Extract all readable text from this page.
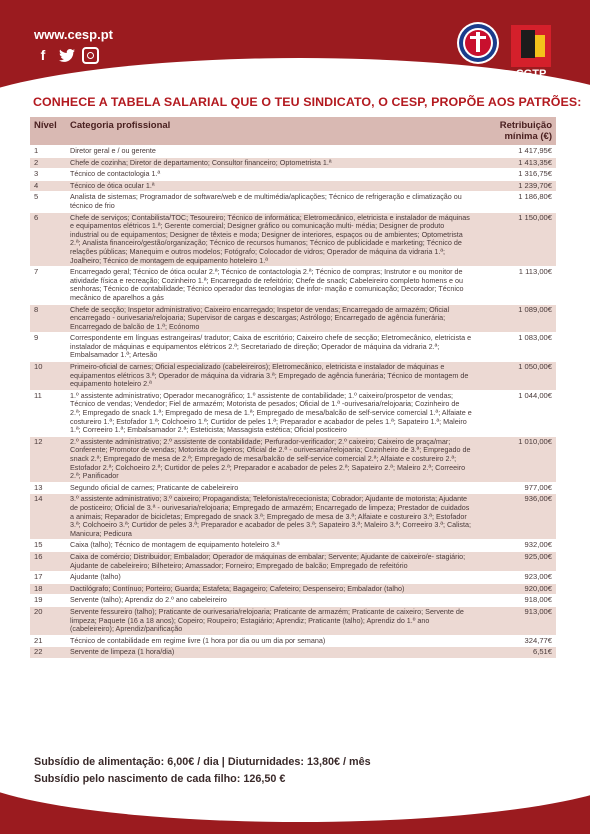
www.cesp.pt
f
CESP CGTP
INTERSINDICAL NACIONAL
CONHECE A TABELA SALARIAL QUE O TEU SINDICATO, O CESP, PROPÕE AOS PATRÕES:
Nível	Categoria profissional	Retribuição mínima (€)
1	Diretor geral e / ou gerente	1 417,95€
2	Chefe de cozinha; Diretor de departamento; Consultor financeiro; Optometrista 1.ª	1 413,35€
3	Técnico de contactologia 1.ª	1 316,75€
4	Técnico de ótica ocular 1.ª	1 239,70€
5	Analista de sistemas; Programador de software/web e de multimédia/aplicações; Técnico de refrigeração e climatização ou técnico de frio	1 186,80€
6	Chefe de serviços; Contabilista/TOC; Tesoureiro; Técnico de informática; Eletromecânico, eletricista e instalador de máquinas e equipamentos elétricos 1.ª; Gerente comercial; Designer gráfico ou comunicação multi- média; Designer de produto industrial ou de equipamentos; Designer de têxteis e moda; Designer de interiores, espaços ou de ambientes; Optometrista 2.ª; Analista financeiro/gestão/organização; Técnico de recursos humanos; Técnico de publicidade e marketing; Técnico de relações públicas; Manequim e outros modelos; Fotógrafo; Colocador de vidros; Operador de máquina da vidraria 1.ª; Joalheiro; Técnico de montagem de equipamento hoteleiro 1.ª	1 150,00€
7	Encarregado geral; Técnico de ótica ocular 2.ª; Técnico de contactologia 2.ª; Técnico de compras; Instrutor e ou monitor de atividade física e recreação; Cozinheiro 1.ª; Encarregado de refeitório; Chefe de snack; Cabeleireiro completo homens e ou senhoras; Técnico de contabilidade; Técnico operador das tecnologias de infor- mação e comunicação; Decorador; Técnico mecânico de aparelhos a gás	1 113,00€
8	Chefe de secção; Inspetor administrativo; Caixeiro encarregado; Inspetor de vendas; Encarregado de armazém; Oficial encarregado - ourivesaria/relojoaria; Supervisor de cargas e descargas; Astrólogo; Encarregado de agência funerária; Encarregado de balcão de 1.ª; Ecónomo	1 089,00€
9	Correspondente em línguas estrangeiras/ tradutor; Caixa de escritório; Caixeiro chefe de secção; Eletromecânico, eletricista e instalador de máquinas e equipamentos elétricos 2.ª; Secretariado de direção; Operador de máquina da vidraria 2.ª; Embalsamador 1.ª; Artesão	1 083,00€
10	Primeiro-oficial de carnes; Oficial especializado (cabeleireiros); Eletromecânico, eletricista e instalador de máquinas e equipamentos elétricos 3.ª; Operador de máquina da vidraria 3.ª; Empregado de agência funerária; Técnico de montagem de equipamento hoteleiro 2.ª	1 050,00€
11	1.º assistente administrativo; Operador mecanográfico; 1.º assistente de contabilidade; 1.º caixeiro/prospetor de vendas; Técnico de vendas; Vendedor; Fiel de armazém; Motorista de pesados; Oficial de 1.ª -ourivesaria/relojoaria; Cozinheiro de 2.ª; Empregado de snack 1.ª; Empregado de mesa de 1.ª; Empregado de mesa/balcão de self-service comercial 1.ª; Alfaiate e costureiro 1.ª; Estofador 1.ª; Colchoeiro 1.ª; Curtidor de peles 1.ª; Preparador e acabador de peles 1.ª; Sapateiro 1.ª; Maleiro 1.ª; Correeiro 1.ª; Embalsamador 2.ª; Esteticista; Massagista estética; Oficial posticeiro	1 044,00€
12	2.º assistente administrativo; 2.º assistente de contabilidade; Perfurador-verificador; 2.º caixeiro; Caixeiro de praça/mar; Conferente; Promotor de vendas; Motorista de ligeiros; Oficial de 2.ª - ourivesaria/relojoaria; Cozinheiro de 3.ª; Empregado de snack 2.ª; Empregado de mesa de 2.ª; Empregado de mesa/balcão de self-service comercial 2.ª; Alfaiate e costureiro 2.ª; Estofador 2.ª; Colchoeiro 2.ª; Curtidor de peles 2.ª; Preparador e acabador de peles 2.ª; Sapateiro 2.ª; Maleiro 2.ª; Correeiro 2.ª; Panificador	1 010,00€
13	Segundo oficial de carnes; Praticante de cabeleireiro	977,00€
14	3.º assistente administrativo; 3.º caixeiro; Propagandista; Telefonista/rececionista; Cobrador; Ajudante de motorista; Ajudante de posticeiro; Oficial de 3.ª - ourivesaria/relojoaria; Empregado de armazém; Encarregado de limpeza; Prestador de cuidados a animais; Reparador de bicicletas; Empregado de snack 3.ª; Empregado de mesa de 3.ª; Alfaiate e costureiro 3.ª; Estofador 3.ª; Colchoeiro 3.ª; Curtidor de peles 3.ª; Preparador e acabador de peles 3.ª; Sapateiro 3.ª; Maleiro 3.ª; Correeiro 3.ª; Calista; Manicura; Pedicura	936,00€
15	Caixa (talho); Técnico de montagem de equipamento hoteleiro 3.ª	932,00€
16	Caixa de comércio; Distribuidor; Embalador; Operador de máquinas de embalar; Servente; Ajudante de caixeiro/e- stagiário; Ajudante de cabeleireiro; Bilheteiro; Amassador; Forneiro; Empregado de balcão; Empregado de refeitório	925,00€
17	Ajudante (talho)	923,00€
18	Dactilógrafo; Contínuo; Porteiro; Guarda; Estafeta; Bagageiro; Cafeteiro; Despenseiro; Embalador (talho)	920,00€
19	Servente (talho); Aprendiz do 2.º ano cabeleireiro	918,00€
20	Servente fessureiro (talho); Praticante de ourivesaria/relojoaria; Praticante de armazém; Praticante de caixeiro; Servente de limpeza; Paquete (16 a 18 anos); Copeiro; Roupeiro; Estagiário; Aprendiz; Praticante (talho); Aprendiz do 1.º ano (cabeleireiro); Aprendiz/panificação	913,00€
21	Técnico de contabilidade em regime livre (1 hora por dia ou um dia por semana)	324,77€
22	Servente de limpeza (1 hora/dia)	6,51€
Subsídio de alimentação: 6,00€ / dia | Diuturnidades: 13,80€ / mês
Subsídio pelo nascimento de cada filho: 126,50 €
